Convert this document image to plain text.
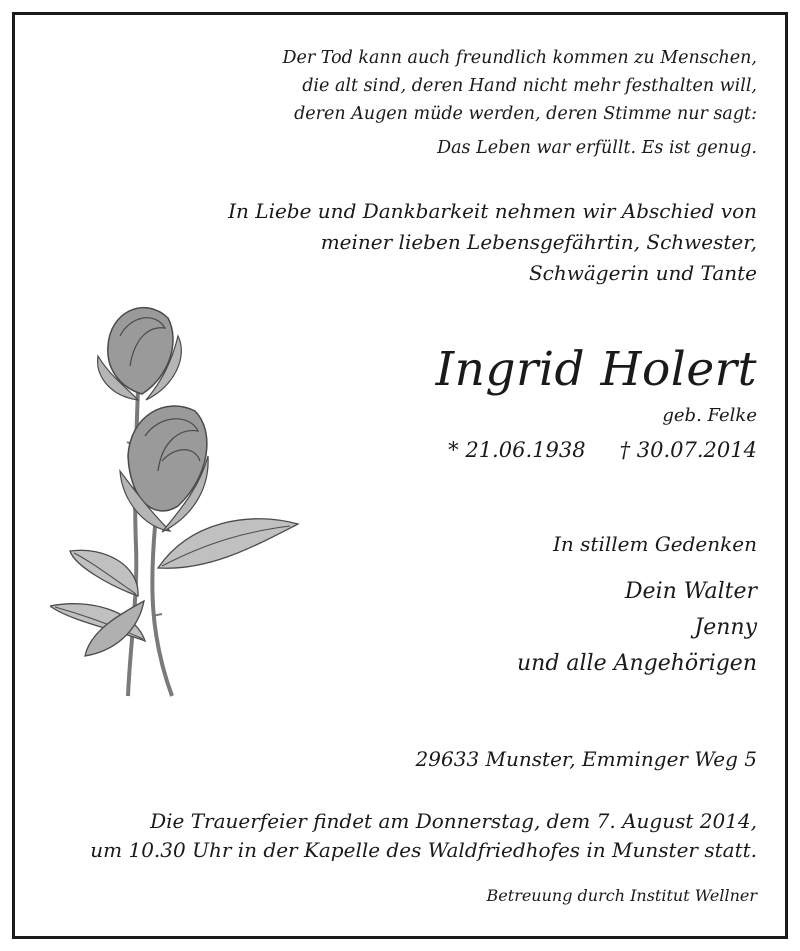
Der Tod kann auch freundlich kommen zu Menschen,
die alt sind, deren Hand nicht mehr festhalten will,
deren Augen müde werden, deren Stimme nur sagt:
Das Leben war erfüllt. Es ist genug.
In Liebe und Dankbarkeit nehmen wir Abschied von
meiner lieben Lebensgefährtin, Schwester,
Schwägerin und Tante
Ingrid Holert
geb. Felke
* 21.06.1938 † 30.07.2014
In stillem Gedenken
Dein Walter
Jenny
und alle Angehörigen
29633 Munster, Emminger Weg 5
Die Trauerfeier findet am Donnerstag, dem 7. August 2014,
um 10.30 Uhr in der Kapelle des Waldfriedhofes in Munster statt.
Betreuung durch Institut Wellner
